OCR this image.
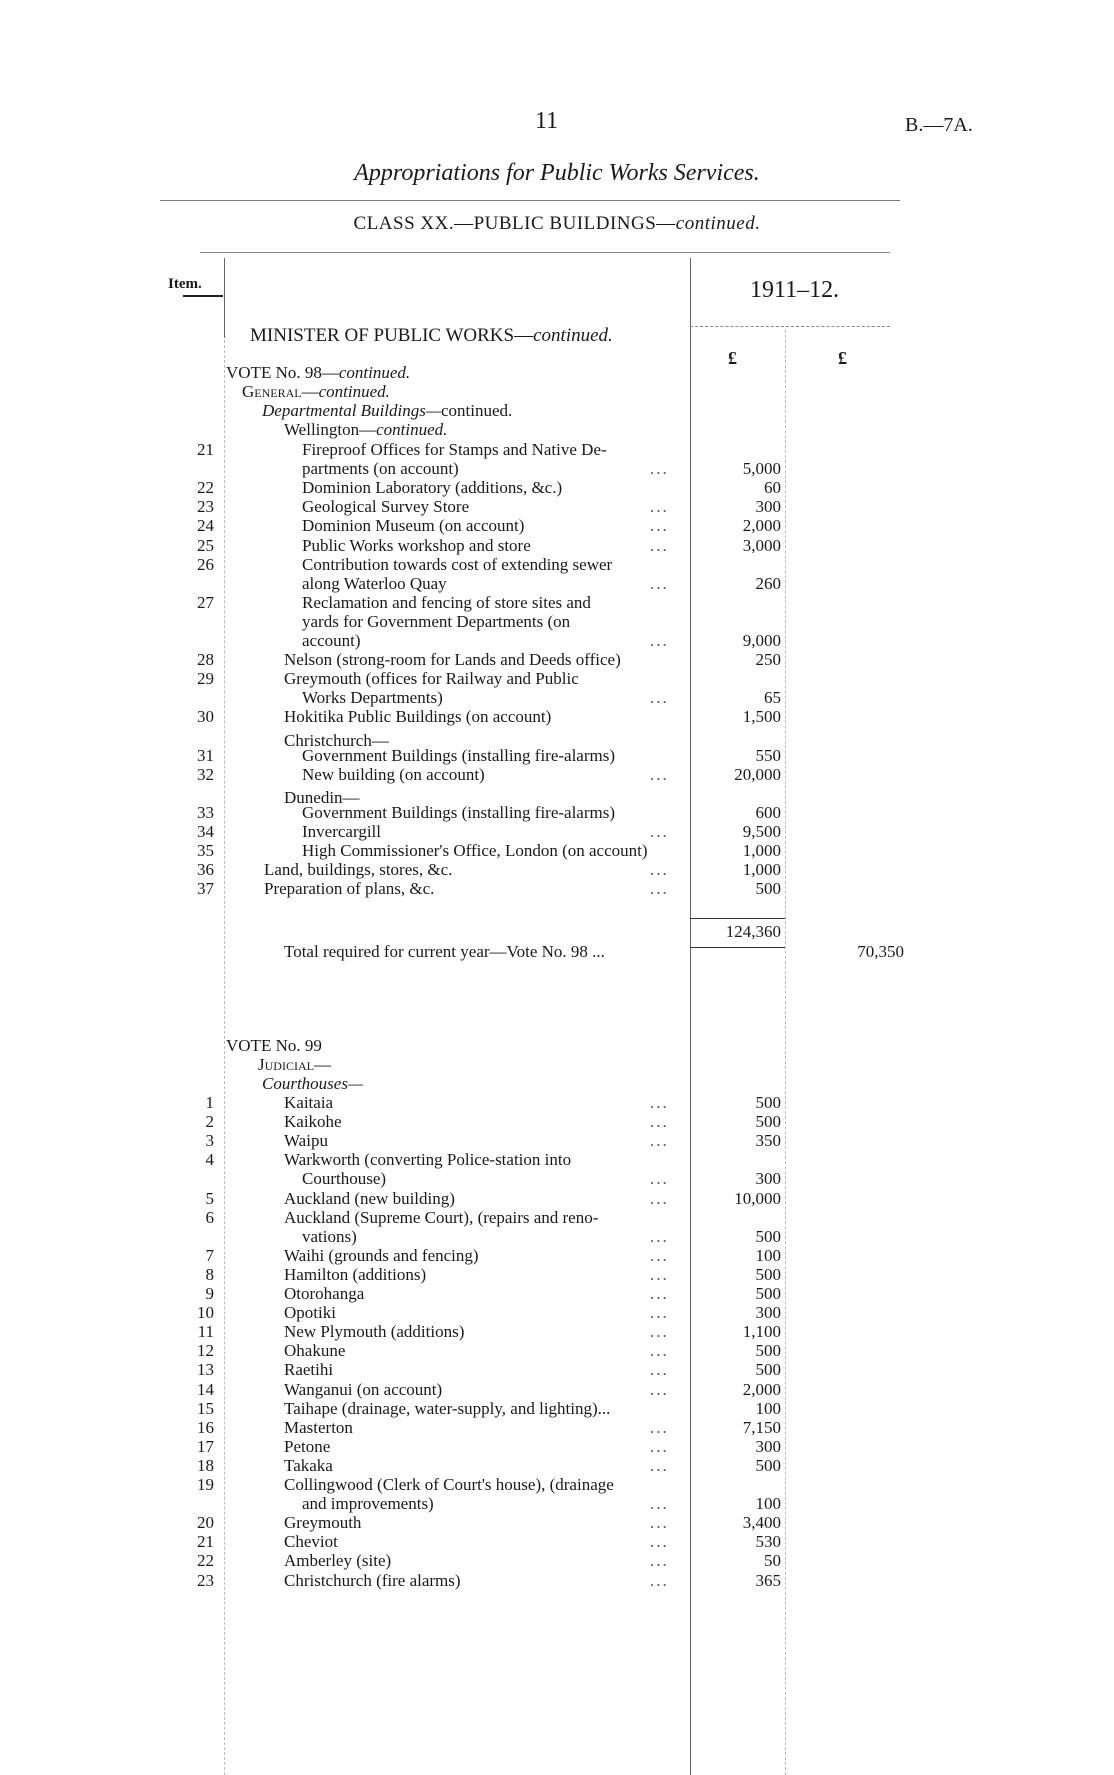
11	B.—7A.
Appropriations for Public Works Services.
CLASS XX.—PUBLIC BUILDINGS—continued.
Item.	1911–12.
£	£
MINISTER OF PUBLIC WORKS—continued.
VOTE No. 98—continued.
General—continued.
Departmental Buildings—continued.
Wellington—continued.
21	Fireproof Offices for Stamps and Native De-
partments (on account)	...	5,000
22	Dominion Laboratory (additions, &c.)	60
23	Geological Survey Store	...	300
24	Dominion Museum (on account)	...	2,000
25	Public Works workshop and store	...	3,000
26	Contribution towards cost of extending sewer
along Waterloo Quay	...	260
27	Reclamation and fencing of store sites and
yards for Government Departments (on
account)	...	9,000
28	Nelson (strong-room for Lands and Deeds office)	250
29	Greymouth (offices for Railway and Public
Works Departments)	...	65
30	Hokitika Public Buildings (on account)	1,500
31	Government Buildings (installing fire-alarms)	550
32	New building (on account)	...	20,000
33	Government Buildings (installing fire-alarms)	600
34	Invercargill	...	9,500
35	High Commissioner's Office, London (on account)	1,000
36	Land, buildings, stores, &c.	...	1,000
37	Preparation of plans, &c.	...	500
Christchurch—
Dunedin—
124,360
Total required for current year—Vote No. 98 ...	70,350
VOTE No. 99
Judicial—
Courthouses—
1	Kaitaia	...	500
2	Kaikohe	...	500
3	Waipu	...	350
4	Warkworth (converting Police-station into
Courthouse)	...	300
5	Auckland (new building)	...	10,000
6	Auckland (Supreme Court), (repairs and reno-
vations)	...	500
7	Waihi (grounds and fencing)	...	100
8	Hamilton (additions)	...	500
9	Otorohanga	...	500
10	Opotiki	...	300
11	New Plymouth (additions)	...	1,100
12	Ohakune	...	500
13	Raetihi	...	500
14	Wanganui (on account)	...	2,000
15	Taihape (drainage, water-supply, and lighting)...	100
16	Masterton	...	7,150
17	Petone	...	300
18	Takaka	...	500
19	Collingwood (Clerk of Court's house), (drainage
and improvements)	...	100
20	Greymouth	...	3,400
21	Cheviot	...	530
22	Amberley (site)	...	50
23	Christchurch (fire alarms)	...	365
